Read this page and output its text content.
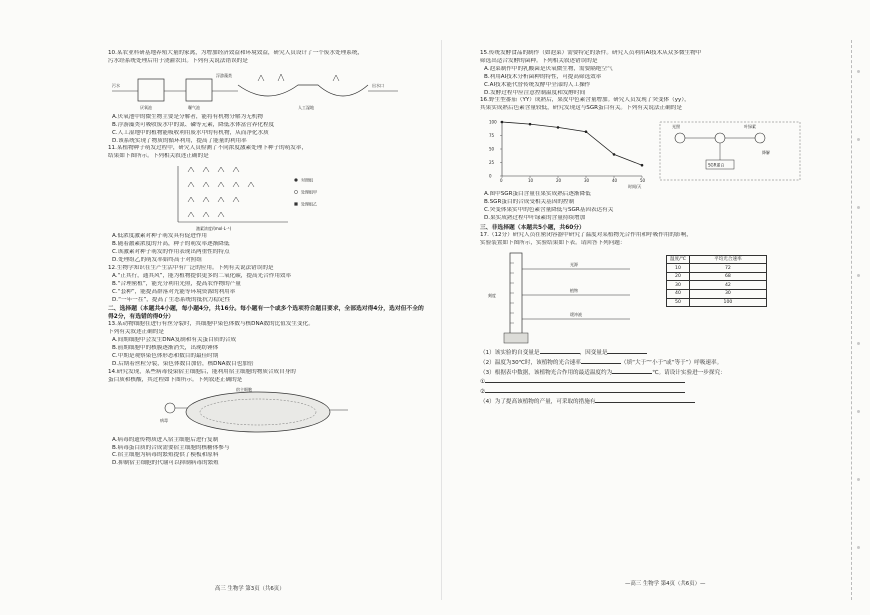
10.某农业科研基地养殖大量的家禽，为增加经济效益和环境效益，研究人员设计了一个废水处理系统，

污水经系统处理后用于浇灌农田。下列有关说法错误的是

污水
厌氧池	曝气池
浮游藻类
人工湿地
出水口

A.厌氧池中的微生物主要是分解者，能将有机物分解为无机物

B.浮游藻类可吸收废水中的氮、磷等元素，降低水体富营养化程度

C.人工湿地中的植物能吸收利用废水中的有机物，从而净化水质

D.该系统实现了物质的循环利用，提高了能量的利用率

11.某植物种子萌发过程中，研究人员检测了不同浓度激素处理下种子的萌发率，

结果如下图所示。下列相关叙述正确的是

对照组
处理组甲
处理组乙
激素浓度/(mol·L⁻¹)

A.低浓度激素对种子萌发具有促进作用

B.随着激素浓度的升高，种子的萌发率逐渐降低

C.该激素对种子萌发的作用表现出两重性的特点

D.处理组乙的萌发率始终高于对照组

12.生物学知识在生产生活中有广泛的应用。下列有关说法错误的是

A.“正其行，通其风”，能为植物提供更多的二氧化碳，提高光合作用效率

B.“合理密植”，能充分利用光照，提高农作物的产量

C.“套种”，能提高群落对光能等环境资源的利用率

D.“一年一茬”，提高了生态系统的抵抗力稳定性

二、选择题（本题共4小题，每小题4分，共16分。每小题有一个或多个选项符合题目要求，全部选对得4分，选对但不全的得2分，有选错的得0分）

13.某动物细胞在进行有丝分裂时，其细胞中染色体数与核DNA数的比值发生变化。

下列有关叙述正确的是

A.间期细胞中会发生DNA复制和有关蛋白质的合成

B.前期细胞中的核膜逐渐消失，出现纺锤体

C.中期是观察染色体形态和数目的最佳时期

D.后期着丝粒分裂，染色体数目加倍，核DNA数目也加倍

14.研究发现，某些病毒侵染宿主细胞后，能利用宿主细胞的物质合成自身的

蛋白质和核酸，其过程如下图所示。下列叙述正确的是

病毒
宿主细胞

A.病毒的遗传物质进入宿主细胞后进行复制

B.病毒蛋白质的合成需要宿主细胞的核糖体参与

C.宿主细胞为病毒的繁殖提供了模板和原料

D.抑制宿主细胞的代谢可以抑制病毒的繁殖

高三 生物学 第3页（共6页）

15.传统发酵食品的制作（如泡菜）需要特定的条件。研究人员利用AI技术从众多微生物中

筛选出适合发酵的菌种。下列相关叙述错误的是

A.泡菜制作中的乳酸菌是厌氧微生物，需要隔绝空气

B.利用AI技术分析菌种的特性，可提高筛选效率

C.AI技术能代替传统发酵中全部的人工操作

D.发酵过程中应注意控制温度和发酵时间

16.野生型番茄（YY）成熟后，果皮中色素含量增加。研究人员发现了突变体（yy），

其果实成熟后色素含量较低，研究发现这与SGR蛋白有关。下列有关说法正确的是

0	10	20	30	40	50
0
25
50
75
100
时间/天
光照	叶绿素
SGR蛋白
降解

A.图中SGR蛋白含量在果实成熟后逐渐降低

B.SGR蛋白的合成受相关基因的控制

C.突变体果实中的色素含量降低与SGR基因表达有关

D.果实成熟过程中叶绿素的含量持续增加

三、非选择题（本题共5小题，共60分）

17.（12分）研究人员在密闭容器中研究了温度对某植物光合作用和呼吸作用的影响，

实验装置如下图所示，实验结果如下表。请回答下列问题：

刻度
光源
植物
缓冲液
温度/℃	平均光合速率
10	72
20	68
30	42
40	30
50	100

（1）该实验的自变量是	，因变量是

（2）温度为30℃时，该植物的光合速率	（填“大于”“小于”或“等于”）呼吸速率。

（3）根据表中数据，该植物光合作用的最适温度约为	℃。请设计实验进一步探究：

①

②

（4）为了提高该植物的产量，可采取的措施有

—高三 生物学 第4页（共6页）—
